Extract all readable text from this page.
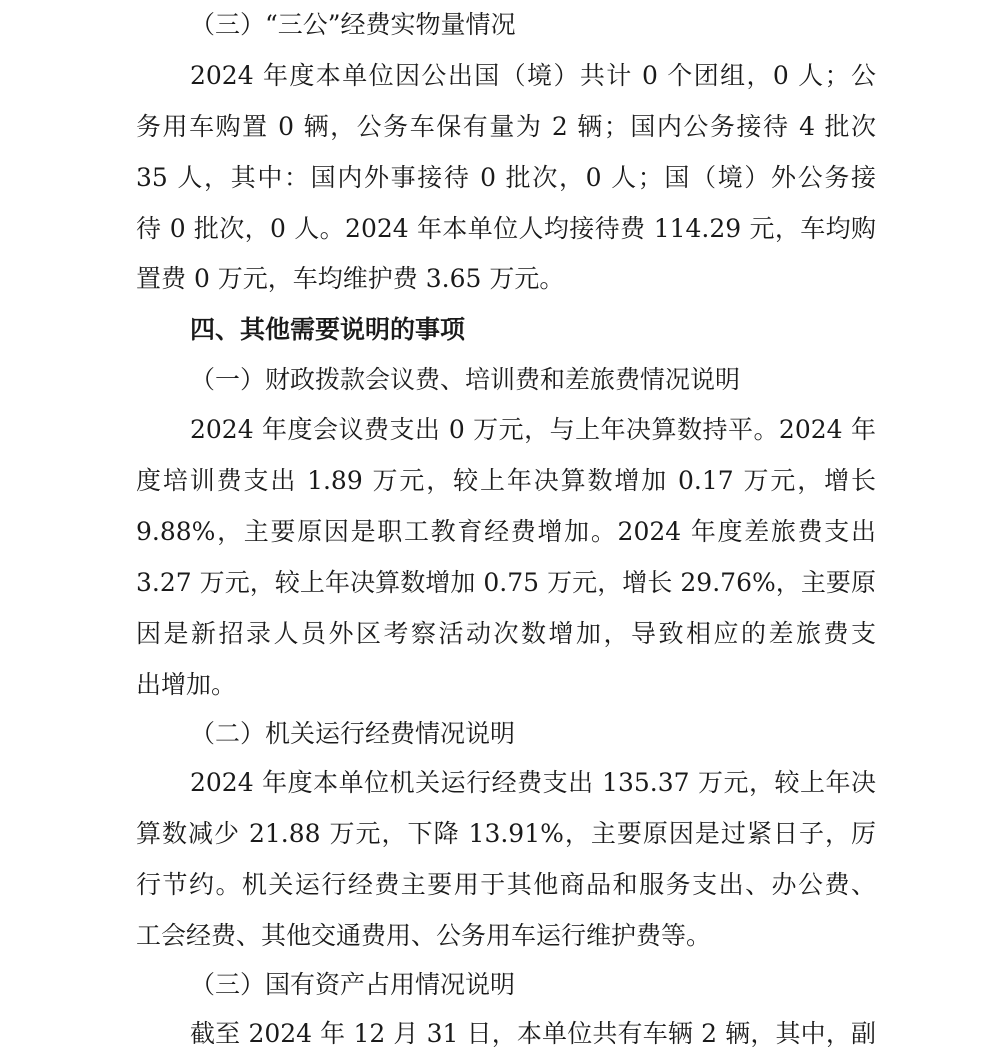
（三）“三公”经费实物量情况
2024 年度本单位因公出国（境）共计 0 个团组，0 人；公
务用车购置 0 辆，公务车保有量为 2 辆；国内公务接待 4 批次
35 人，其中：国内外事接待 0 批次，0 人；国（境）外公务接
待 0 批次，0 人。2024 年本单位人均接待费 114.29 元，车均购
置费 0 万元，车均维护费 3.65 万元。
四、其他需要说明的事项
（一）财政拨款会议费、培训费和差旅费情况说明
2024 年度会议费支出 0 万元，与上年决算数持平。2024 年
度培训费支出 1.89 万元，较上年决算数增加 0.17 万元，增长
9.88%，主要原因是职工教育经费增加。2024 年度差旅费支出
3.27 万元，较上年决算数增加 0.75 万元，增长 29.76%，主要原
因是新招录人员外区考察活动次数增加，导致相应的差旅费支
出增加。
（二）机关运行经费情况说明
2024 年度本单位机关运行经费支出 135.37 万元，较上年决
算数减少 21.88 万元，下降 13.91%，主要原因是过紧日子，厉
行节约。机关运行经费主要用于其他商品和服务支出、办公费、
工会经费、其他交通费用、公务用车运行维护费等。
（三）国有资产占用情况说明
截至 2024 年 12 月 31 日，本单位共有车辆 2 辆，其中，副
